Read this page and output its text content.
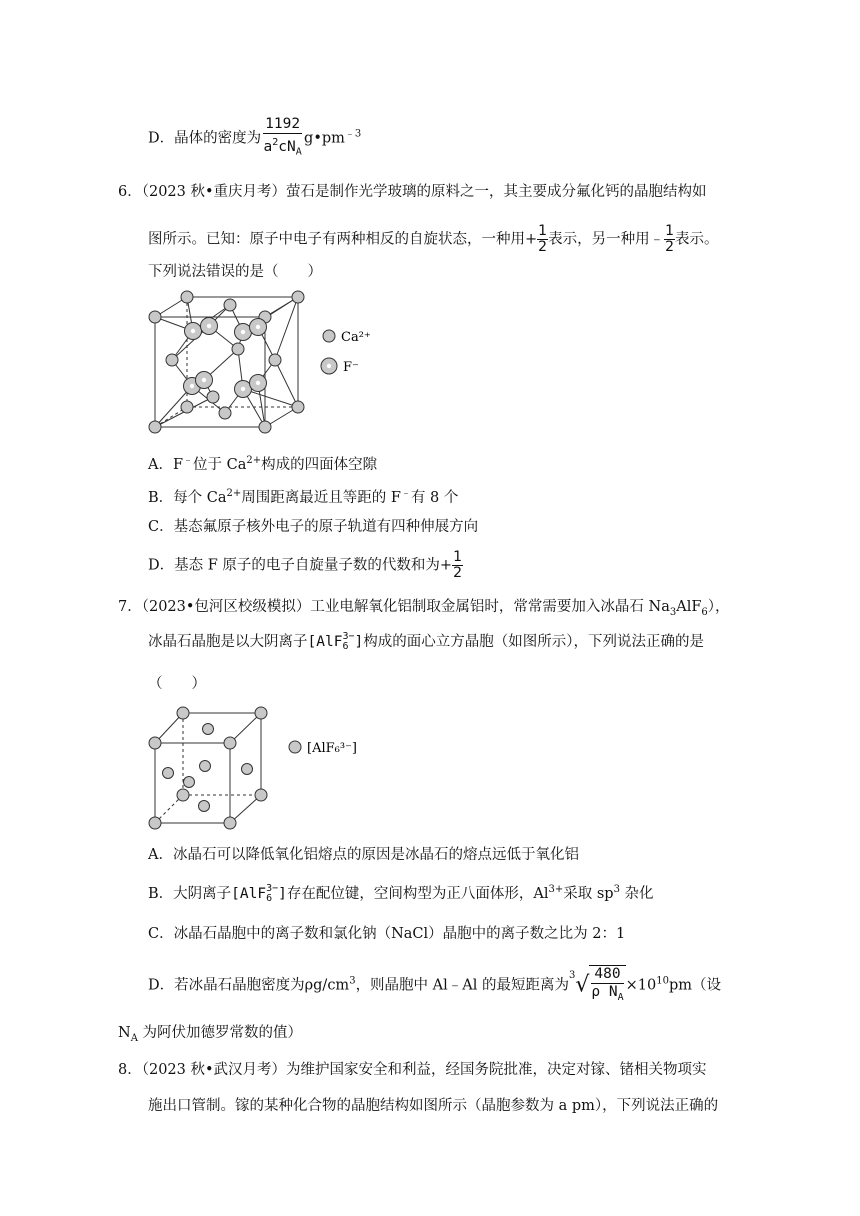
D．晶体的密度为 $\frac{1192}{a^2cN_A}$ $g•pm^{﹣3}$
6．（2023 秋•重庆月考）萤石是制作光学玻璃的原料之一，其主要成分氟化钙的晶胞结构如
图所示。已知：原子中电子有两种相反的自旋状态，一种用+ $\frac{1}{2}$ 表示，另一种用﹣ $\frac{1}{2}$ 表示。
下列说法错误的是（　　）
Ca²⁺
F⁻
A．F﹣位于 $Ca^{2+}$构成的四面体空隙
B．每个 $Ca^{2+}$周围距离最近且等距的 F﹣有 8 个
C．基态氟原子核外电子的原子轨道有四种伸展方向
D．基态 F 原子的电子自旋量子数的代数和为+ $\frac{1}{2}$
7．（2023•包河区校级模拟）工业电解氧化铝制取金属铝时，常常需要加入冰晶石 $Na_3AlF_6$），
冰晶石晶胞是以大阴离子[AlF 3−
6 ]构成的面心立方晶胞（如图所示），下列说法正确的是
（　　）
[AlF₆³⁻]
A．冰晶石可以降低氧化铝熔点的原因是冰晶石的熔点远低于氧化铝
B．大阴离子[AlF 3−
6 ]存在配位键，空间构型为正八面体形，$Al^{3+}$采取 $sp^3$ 杂化
C．冰晶石晶胞中的离子数和氯化钠（NaCl）晶胞中的离子数之比为 2：1
D．若冰晶石晶胞密度为$\rho g/cm^3$，则晶胞中 Al﹣Al 的最短距离为$^3√ \frac{480}{\rho N_A} \times 10^{10}pm$（设
$N_A$ 为阿伏加德罗常数的值）
8．（2023 秋•武汉月考）为维护国家安全和利益，经国务院批准，决定对镓、锗相关物项实
施出口管制。镓的某种化合物的晶胞结构如图所示（晶胞参数为 a pm），下列说法正确的
